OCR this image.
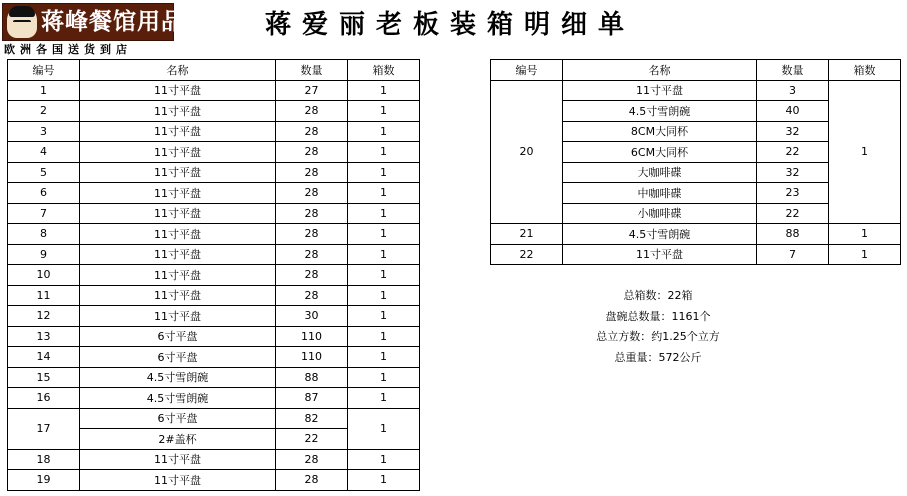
蒋峰餐馆用品
欧洲各国送货到店
蒋爱丽老板装箱明细单
编号	名称	数量	箱数
1	11寸平盘	27	1
2	11寸平盘	28	1
3	11寸平盘	28	1
4	11寸平盘	28	1
5	11寸平盘	28	1
6	11寸平盘	28	1
7	11寸平盘	28	1
8	11寸平盘	28	1
9	11寸平盘	28	1
10	11寸平盘	28	1
11	11寸平盘	28	1
12	11寸平盘	30	1
13	6寸平盘	110	1
14	6寸平盘	110	1
15	4.5寸雪朗碗	88	1
16	4.5寸雪朗碗	87	1
17	6寸平盘	82	1
	2#盖杯	22	
18	11寸平盘	28	1
19	11寸平盘	28	1
编号	名称	数量	箱数
20	11寸平盘	3	1
	4.5寸雪朗碗	40	
	8CM大同杯	32	
	6CM大同杯	22	
	大咖啡碟	32	
	中咖啡碟	23	
	小咖啡碟	22	
21	4.5寸雪朗碗	88	1
22	11寸平盘	7	1
总箱数：22箱
盘碗总数量：1161个
总立方数：约1.25个立方
总重量：572公斤
